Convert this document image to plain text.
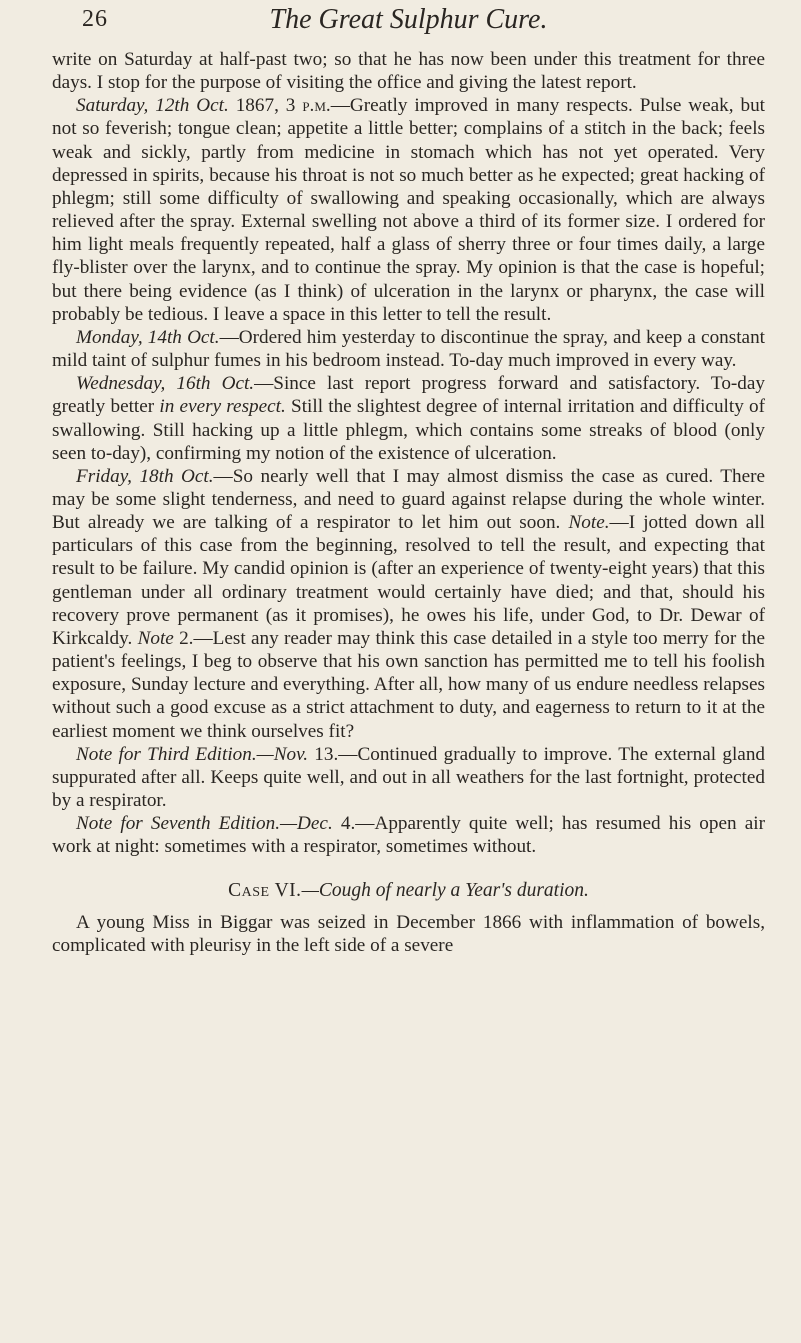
26	The Great Sulphur Cure.

write on Saturday at half-past two; so that he has now been under this treatment for three days. I stop for the purpose of visiting the office and giving the latest report.

Saturday, 12th Oct. 1867, 3 p.m.—Greatly improved in many respects. Pulse weak, but not so feverish; tongue clean; appetite a little better; complains of a stitch in the back; feels weak and sickly, partly from medicine in stomach which has not yet operated. Very depressed in spirits, because his throat is not so much better as he expected; great hacking of phlegm; still some difficulty of swallowing and speaking occasionally, which are always relieved after the spray. External swelling not above a third of its former size. I ordered for him light meals frequently repeated, half a glass of sherry three or four times daily, a large fly-blister over the larynx, and to continue the spray. My opinion is that the case is hopeful; but there being evidence (as I think) of ulceration in the larynx or pharynx, the case will probably be tedious. I leave a space in this letter to tell the result.

Monday, 14th Oct.—Ordered him yesterday to discontinue the spray, and keep a constant mild taint of sulphur fumes in his bedroom instead. To-day much improved in every way.

Wednesday, 16th Oct.—Since last report progress forward and satisfactory. To-day greatly better in every respect. Still the slightest degree of internal irritation and difficulty of swallowing. Still hacking up a little phlegm, which contains some streaks of blood (only seen to-day), confirming my notion of the existence of ulceration.

Friday, 18th Oct.—So nearly well that I may almost dismiss the case as cured. There may be some slight tenderness, and need to guard against relapse during the whole winter. But already we are talking of a respirator to let him out soon. Note.—I jotted down all particulars of this case from the beginning, resolved to tell the result, and expecting that result to be failure. My candid opinion is (after an experience of twenty-eight years) that this gentleman under all ordinary treatment would certainly have died; and that, should his recovery prove permanent (as it promises), he owes his life, under God, to Dr. Dewar of Kirkcaldy. Note 2.—Lest any reader may think this case detailed in a style too merry for the patient's feelings, I beg to observe that his own sanction has permitted me to tell his foolish exposure, Sunday lecture and everything. After all, how many of us endure needless relapses without such a good excuse as a strict attachment to duty, and eagerness to return to it at the earliest moment we think ourselves fit?

Note for Third Edition.—Nov. 13.—Continued gradually to improve. The external gland suppurated after all. Keeps quite well, and out in all weathers for the last fortnight, protected by a respirator.

Note for Seventh Edition.—Dec. 4.—Apparently quite well; has resumed his open air work at night: sometimes with a respirator, sometimes without.

Case VI.—Cough of nearly a Year's duration.

A young Miss in Biggar was seized in December 1866 with inflammation of bowels, complicated with pleurisy in the left side of a severe
